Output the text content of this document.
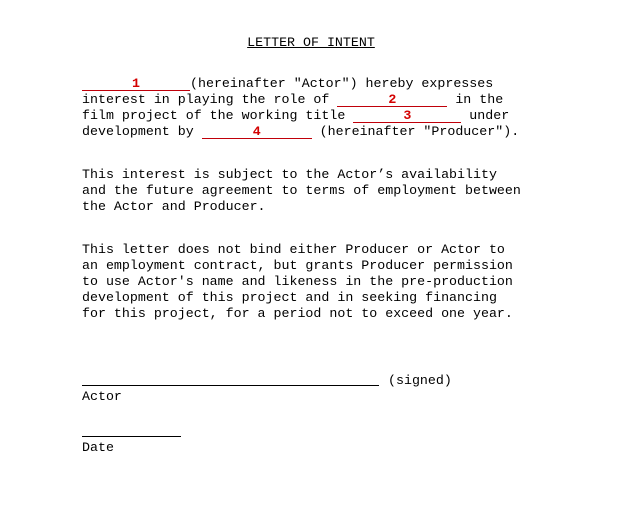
LETTER OF INTENT
1	(hereinafter "Actor") hereby expresses
interest in playing the role of	2	in the
film project of the working title	3	under
development by	4	(hereinafter "Producer").
This interest is subject to the Actor’s availability
and the future agreement to terms of employment between
the Actor and Producer.
This letter does not bind either Producer or Actor to
an employment contract, but grants Producer permission
to use Actor's name and likeness in the pre-production
development of this project and in seeking financing
for this project, for a period not to exceed one year.
(signed)
Actor
Date
